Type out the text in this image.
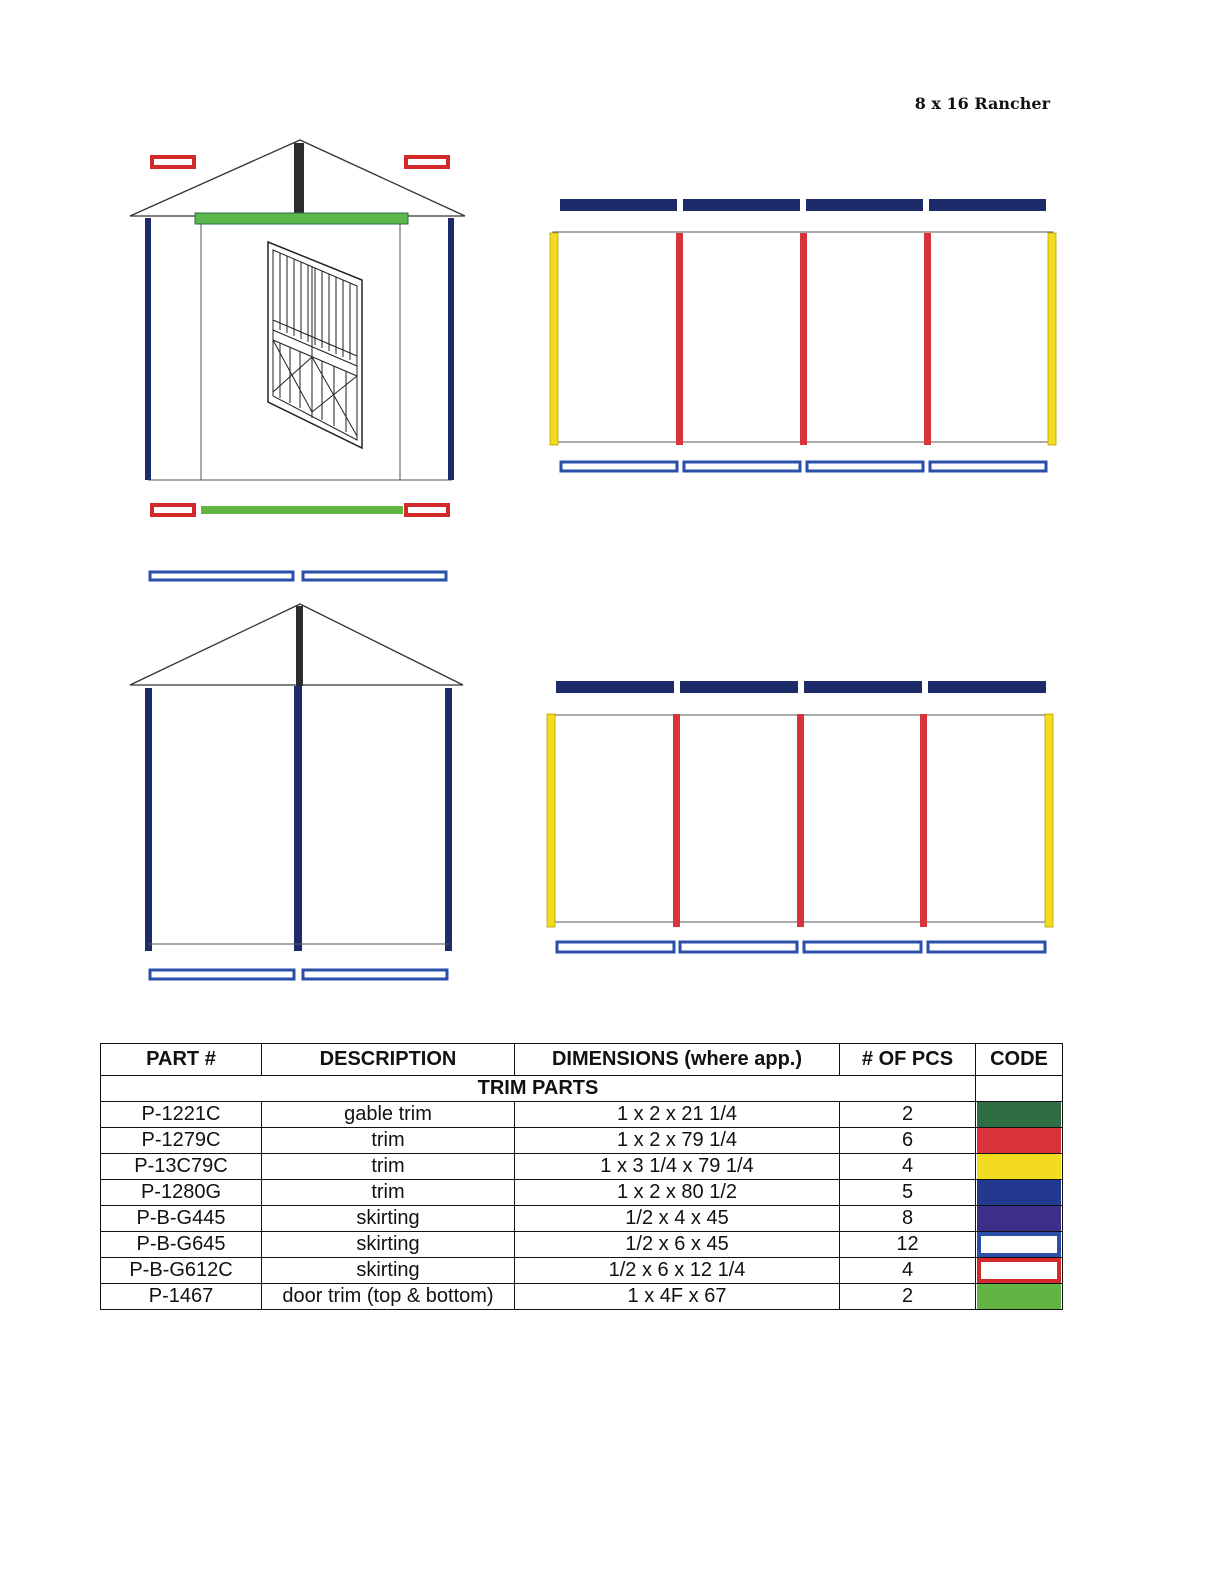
8 x 16 Rancher
PART #	DESCRIPTION	DIMENSIONS (where app.)	# OF PCS	CODE
TRIM PARTS				
P-1221C	gable trim	1 x 2 x 21 1/4	2	

P-1279C	trim	1 x 2 x 79 1/4	6	

P-13C79C	trim	1 x 3 1/4 x 79 1/4	4	

P-1280G	trim	1 x 2 x 80 1/2	5	

P-B-G445	skirting	1/2 x 4 x 45	8	

P-B-G645	skirting	1/2 x 6 x 45	12	

P-B-G612C	skirting	1/2 x 6 x 12 1/4	4	

P-1467	door trim (top & bottom)	1 x 4F x 67	2	
